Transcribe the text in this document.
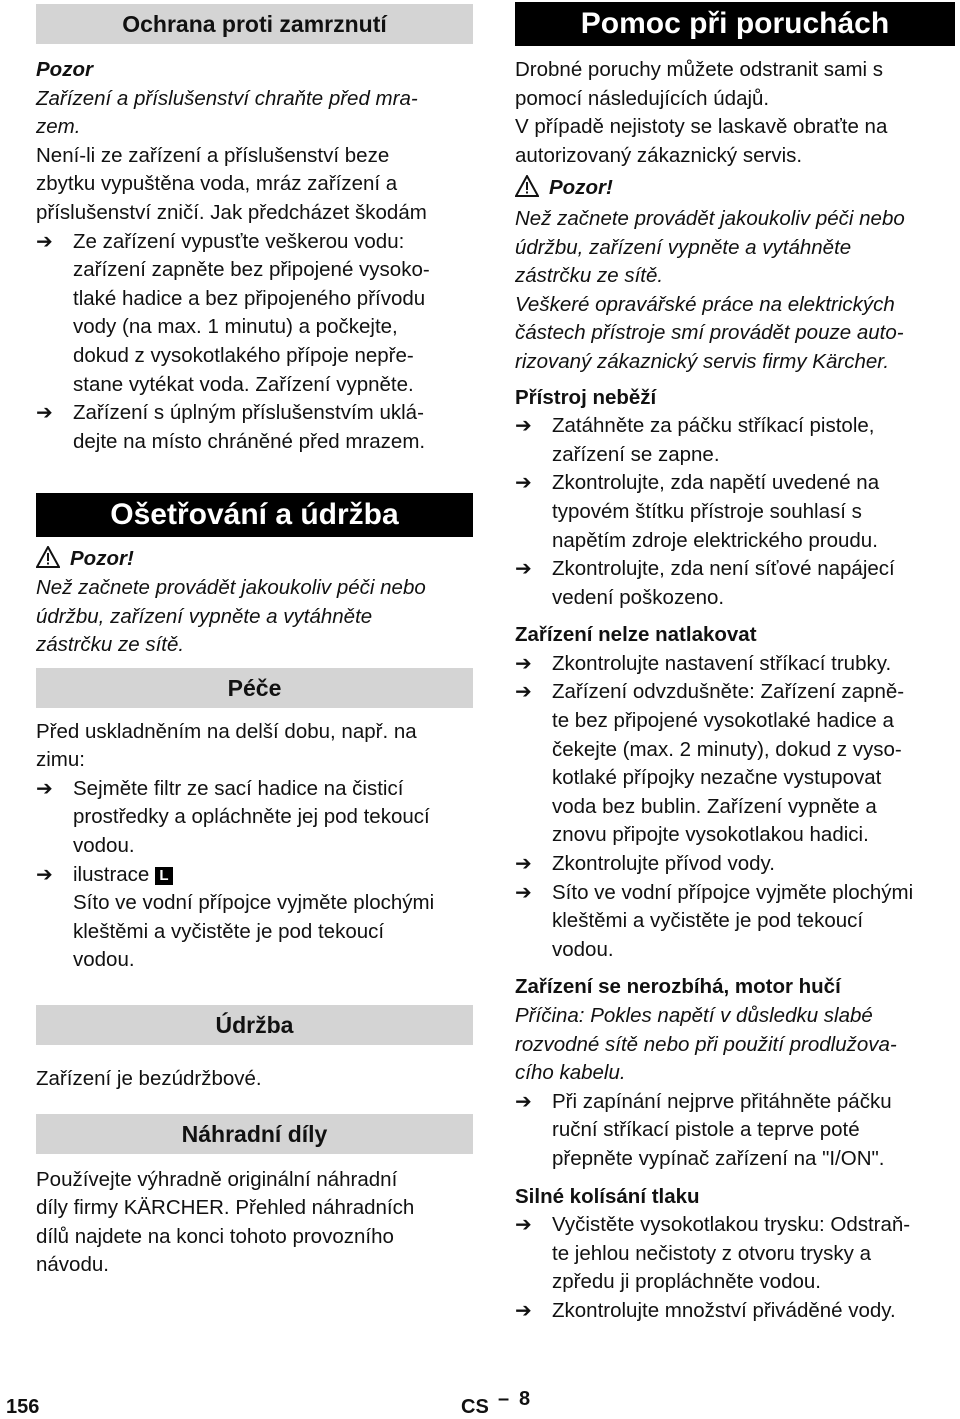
Ochrana proti zamrznutí
Pozor
Zařízení a příslušenství chraňte před mra-
zem.
Není-li ze zařízení a příslušenství beze
zbytku vypuštěna voda, mráz zařízení a
příslušenství zničí. Jak předcházet škodám
➔ Ze zařízení vypusťte veškerou vodu:
zařízení zapněte bez připojené vysoko-
tlaké hadice a bez připojeného přívodu
vody (na max. 1 minutu) a počkejte,
dokud z vysokotlakého přípoje nepře-
stane vytékat voda. Zařízení vypněte.
➔ Zařízení s úplným příslušenstvím uklá-
dejte na místo chráněné před mrazem.
Ošetřování a údržba
Pozor!
Než začnete provádět jakoukoliv péči nebo
údržbu, zařízení vypněte a vytáhněte
zástrčku ze sítě.
Péče
Před uskladněním na delší dobu, např. na
zimu:
➔ Sejměte filtr ze sací hadice na čisticí
prostředky a opláchněte jej pod tekoucí
vodou.
➔ ilustrace L
Síto ve vodní přípojce vyjměte plochými
kleštěmi a vyčistěte je pod tekoucí
vodou.
Údržba
Zařízení je bezúdržbové.
Náhradní díly
Používejte výhradně originální náhradní
díly firmy KÄRCHER. Přehled náhradních
dílů najdete na konci tohoto provozního
návodu.
Pomoc při poruchách
Drobné poruchy můžete odstranit sami s
pomocí následujících údajů.
V případě nejistoty se laskavě obraťte na
autorizovaný zákaznický servis.
Pozor!
Než začnete provádět jakoukoliv péči nebo
údržbu, zařízení vypněte a vytáhněte
zástrčku ze sítě.
Veškeré opravářské práce na elektrických
částech přístroje smí provádět pouze auto-
rizovaný zákaznický servis firmy Kärcher.
Přístroj neběží
➔ Zatáhněte za páčku stříkací pistole,
zařízení se zapne.
➔ Zkontrolujte, zda napětí uvedené na
typovém štítku přístroje souhlasí s
napětím zdroje elektrického proudu.
➔ Zkontrolujte, zda není síťové napájecí
vedení poškozeno.
Zařízení nelze natlakovat
➔ Zkontrolujte nastavení stříkací trubky.
➔ Zařízení odvzdušněte: Zařízení zapně-
te bez připojené vysokotlaké hadice a
čekejte (max. 2 minuty), dokud z vyso-
kotlaké přípojky nezačne vystupovat
voda bez bublin. Zařízení vypněte a
znovu připojte vysokotlakou hadici.
➔ Zkontrolujte přívod vody.
➔ Síto ve vodní přípojce vyjměte plochými
kleštěmi a vyčistěte je pod tekoucí
vodou.
Zařízení se nerozbíhá, motor hučí
Příčina: Pokles napětí v důsledku slabé
rozvodné sítě nebo při použití prodlužova-
cího kabelu.
➔ Při zapínání nejprve přitáhněte páčku
ruční stříkací pistole a teprve poté
přepněte vypínač zařízení na "I/ON".
Silné kolísání tlaku
➔ Vyčistěte vysokotlakou trysku: Odstraň-
te jehlou nečistoty z otvoru trysky a
zpředu ji propláchněte vodou.
➔ Zkontrolujte množství přiváděné vody.
156	CS – 8
